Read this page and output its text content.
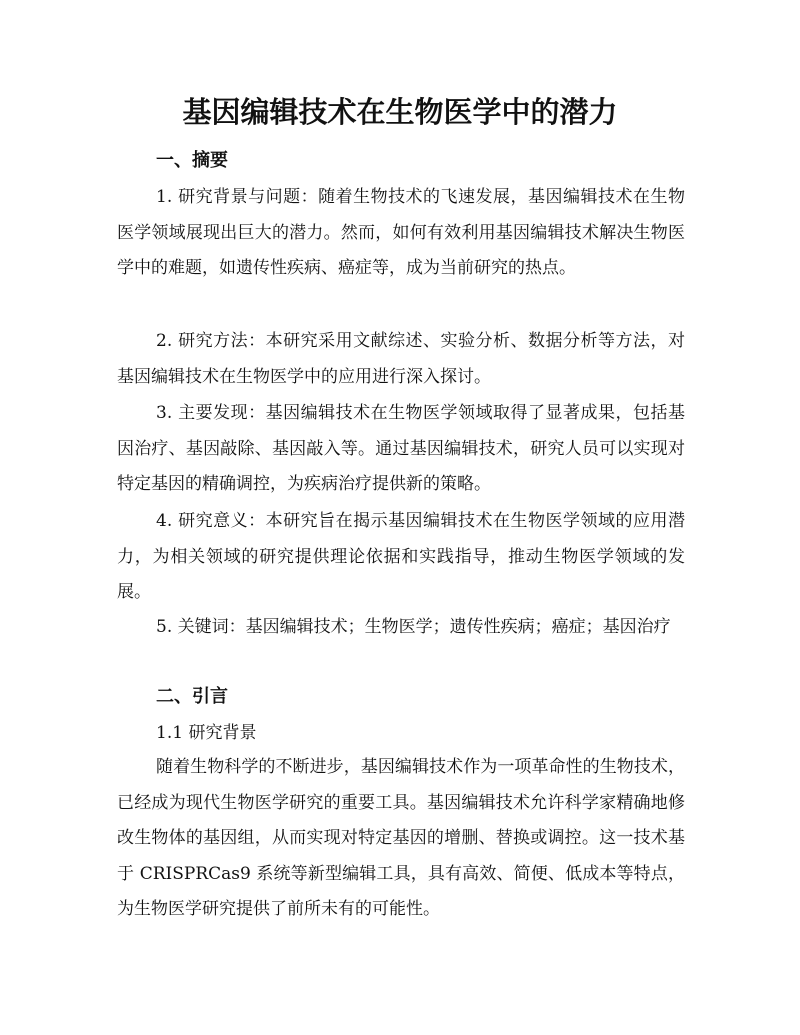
基因编辑技术在生物医学中的潜力
一、摘要

1. 研究背景与问题：随着生物技术的飞速发展，基因编辑技术在生物医学领域展现出巨大的潜力。然而，如何有效利用基因编辑技术解决生物医学中的难题，如遗传性疾病、癌症等，成为当前研究的热点。

2. 研究方法：本研究采用文献综述、实验分析、数据分析等方法，对基因编辑技术在生物医学中的应用进行深入探讨。

3. 主要发现：基因编辑技术在生物医学领域取得了显著成果，包括基因治疗、基因敲除、基因敲入等。通过基因编辑技术，研究人员可以实现对特定基因的精确调控，为疾病治疗提供新的策略。

4. 研究意义：本研究旨在揭示基因编辑技术在生物医学领域的应用潜力，为相关领域的研究提供理论依据和实践指导，推动生物医学领域的发展。

5. 关键词：基因编辑技术；生物医学；遗传性疾病；癌症；基因治疗

二、引言

1.1 研究背景

随着生物科学的不断进步，基因编辑技术作为一项革命性的生物技术，已经成为现代生物医学研究的重要工具。基因编辑技术允许科学家精确地修改生物体的基因组，从而实现对特定基因的增删、替换或调控。这一技术基于 CRISPRCas9 系统等新型编辑工具，具有高效、简便、低成本等特点，为生物医学研究提供了前所未有的可能性。
